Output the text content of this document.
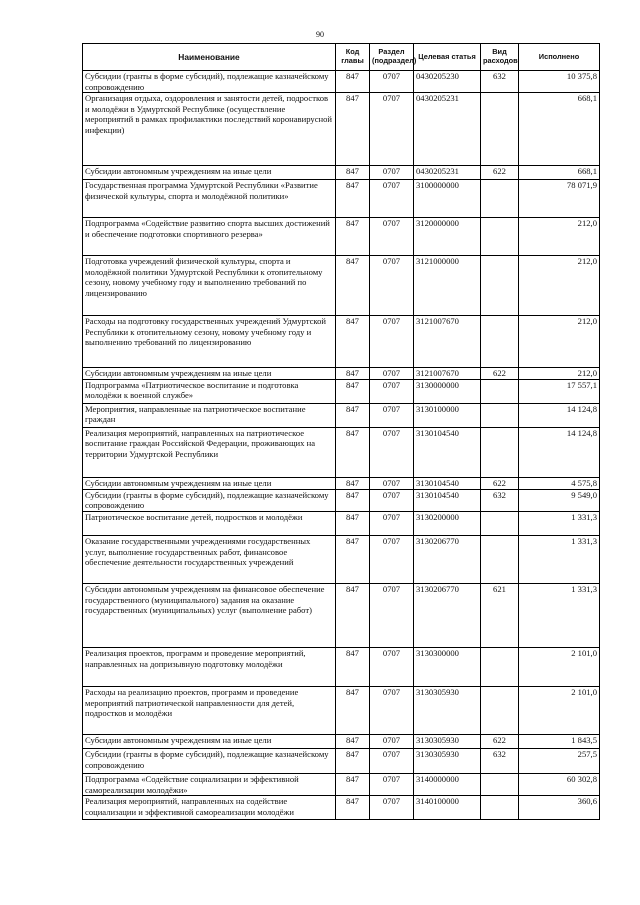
90
Наименование	Код главы	Раздел (подраздел)	Целевая статья	Вид расходов	Исполнено
Субсидии (гранты в форме субсидий), подлежащие казначейскому сопровождению	847	0707	0430205230	632	10 375,8
Организация отдыха, оздоровления и занятости детей, подростков и молодёжи в Удмуртской Республике (осуществление мероприятий в рамках профилактики последствий коронавирусной инфекции)	847	0707	0430205231		668,1
Субсидии автономным учреждениям на иные цели	847	0707	0430205231	622	668,1
Государственная программа Удмуртской Республики «Развитие физической культуры, спорта и молодёжной политики»	847	0707	3100000000		78 071,9
Подпрограмма «Содействие развитию спорта высших достижений и обеспечение подготовки спортивного резерва»	847	0707	3120000000		212,0
Подготовка учреждений физической культуры, спорта и молодёжной политики Удмуртской Республики к отопительному сезону, новому учебному году и выполнению требований по лицензированию	847	0707	3121000000		212,0
Расходы на подготовку государственных учреждений Удмуртской Республики к отопительному сезону, новому учебному году и выполнению требований по лицензированию	847	0707	3121007670		212,0
Субсидии автономным учреждениям на иные цели	847	0707	3121007670	622	212,0
Подпрограмма «Патриотическое воспитание и подготовка молодёжи к военной службе»	847	0707	3130000000		17 557,1
Мероприятия, направленные на патриотическое воспитание граждан	847	0707	3130100000		14 124,8
Реализация мероприятий, направленных на патриотическое воспитание граждан Российской Федерации, проживающих на территории Удмуртской Республики	847	0707	3130104540		14 124,8
Субсидии автономным учреждениям на иные цели	847	0707	3130104540	622	4 575,8
Субсидии (гранты в форме субсидий), подлежащие казначейскому сопровождению	847	0707	3130104540	632	9 549,0
Патриотическое воспитание детей, подростков и молодёжи	847	0707	3130200000		1 331,3
Оказание государственными учреждениями государственных услуг, выполнение государственных работ, финансовое обеспечение деятельности государственных учреждений	847	0707	3130206770		1 331,3
Субсидии автономным учреждениям на финансовое обеспечение государственного (муниципального) задания на оказание государственных (муниципальных) услуг (выполнение работ)	847	0707	3130206770	621	1 331,3
Реализация проектов, программ и проведение мероприятий, направленных на допризывную подготовку молодёжи	847	0707	3130300000		2 101,0
Расходы на реализацию проектов, программ и проведение мероприятий патриотической направленности для детей, подростков и молодёжи	847	0707	3130305930		2 101,0
Субсидии автономным учреждениям на иные цели	847	0707	3130305930	622	1 843,5
Субсидии (гранты в форме субсидий), подлежащие казначейскому сопровождению	847	0707	3130305930	632	257,5
Подпрограмма «Содействие социализации и эффективной самореализации молодёжи»	847	0707	3140000000		60 302,8
Реализация мероприятий, направленных на содействие социализации и эффективной самореализации молодёжи	847	0707	3140100000		360,6
